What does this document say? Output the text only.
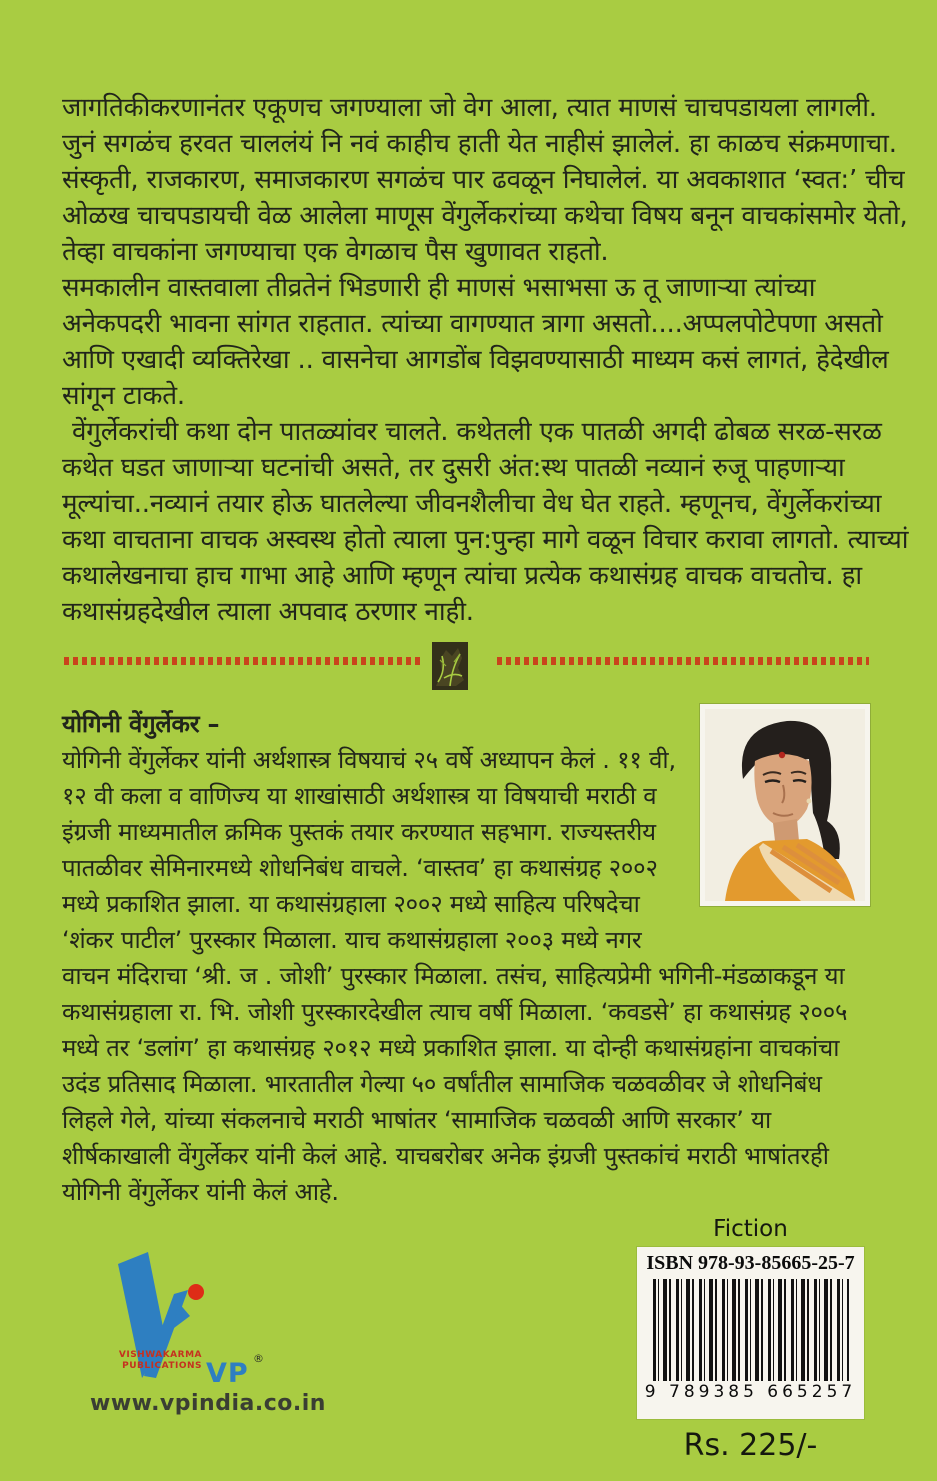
जागतिकीकरणानंतर एकूणच जगण्याला जो वेग आला, त्यात माणसं चाचपडायला लागली.
जुनं सगळंच हरवत चाललंयं नि नवं काहीच हाती येत नाहीसं झालेलं. हा काळच संक्रमणाचा.
संस्कृती, राजकारण, समाजकारण सगळंच पार ढवळून निघालेलं. या अवकाशात ‘स्वत:’ चीच
ओळख चाचपडायची वेळ आलेला माणूस वेंगुर्लेकरांच्या कथेचा विषय बनून वाचकांसमोर येतो,
तेव्हा वाचकांना जगण्याचा एक वेगळाच पैस खुणावत राहतो.
समकालीन वास्तवाला तीव्रतेनं भिडणारी ही माणसं भसाभसा ऊ तू जाणाऱ्या त्यांच्या
अनेकपदरी भावना सांगत राहतात. त्यांच्या वागण्यात त्रागा असतो....अप्पलपोटेपणा असतो
आणि एखादी व्यक्तिरेखा .. वासनेचा आगडोंब विझवण्यासाठी माध्यम कसं लागतं, हेदेखील
सांगून टाकते.
वेंगुर्लेकरांची कथा दोन पातळ्यांवर चालते. कथेतली एक पातळी अगदी ढोबळ सरळ-सरळ
कथेत घडत जाणाऱ्या घटनांची असते, तर दुसरी अंत:स्थ पातळी नव्यानं रुजू पाहणाऱ्या
मूल्यांचा..नव्यानं तयार होऊ घातलेल्या जीवनशैलीचा वेध घेत राहते. म्हणूनच, वेंगुर्लेकरांच्या
कथा वाचताना वाचक अस्वस्थ होतो त्याला पुन:पुन्हा मागे वळून विचार करावा लागतो. त्याच्यां
कथालेखनाचा हाच गाभा आहे आणि म्हणून त्यांचा प्रत्येक कथासंग्रह वाचक वाचतोच. हा
कथासंग्रहदेखील त्याला अपवाद ठरणार नाही.
योगिनी वेंगुर्लेकर –
योगिनी वेंगुर्लेकर यांनी अर्थशास्त्र विषयाचं २५ वर्षे अध्यापन केलं . ११ वी,
१२ वी कला व वाणिज्य या शाखांसाठी अर्थशास्त्र या विषयाची मराठी व
इंग्रजी माध्यमातील क्रमिक पुस्तकं तयार करण्यात सहभाग. राज्यस्तरीय
पातळीवर सेमिनारमध्ये शोधनिबंध वाचले. ‘वास्तव’ हा कथासंग्रह २००२
मध्ये प्रकाशित झाला. या कथासंग्रहाला २००२ मध्ये साहित्य परिषदेचा
‘शंकर पाटील’ पुरस्कार मिळाला. याच कथासंग्रहाला २००३ मध्ये नगर
वाचन मंदिराचा ‘श्री. ज . जोशी’ पुरस्कार मिळाला. तसंच, साहित्यप्रेमी भगिनी-मंडळाकडून या
कथासंग्रहाला रा. भि. जोशी पुरस्कारदेखील त्याच वर्षी मिळाला. ‘कवडसे’ हा कथासंग्रह २००५
मध्ये तर ‘डलांग’ हा कथासंग्रह २०१२ मध्ये प्रकाशित झाला. या दोन्ही कथासंग्रहांना वाचकांचा
उदंड प्रतिसाद मिळाला. भारतातील गेल्या ५० वर्षांतील सामाजिक चळवळीवर जे शोधनिबंध
लिहले गेले, यांच्या संकलनाचे मराठी भाषांतर ‘सामाजिक चळवळी आणि सरकार’ या
शीर्षकाखाली वेंगुर्लेकर यांनी केलं आहे. याचबरोबर अनेक इंग्रजी पुस्तकांचं मराठी भाषांतरही
योगिनी वेंगुर्लेकर यांनी केलं आहे.
VISHWAKARMA
PUBLICATIONS VP ®
www.vpindia.co.in
Fiction
ISBN 978-93-85665-25-7
9 789385 665257
Rs. 225/-
